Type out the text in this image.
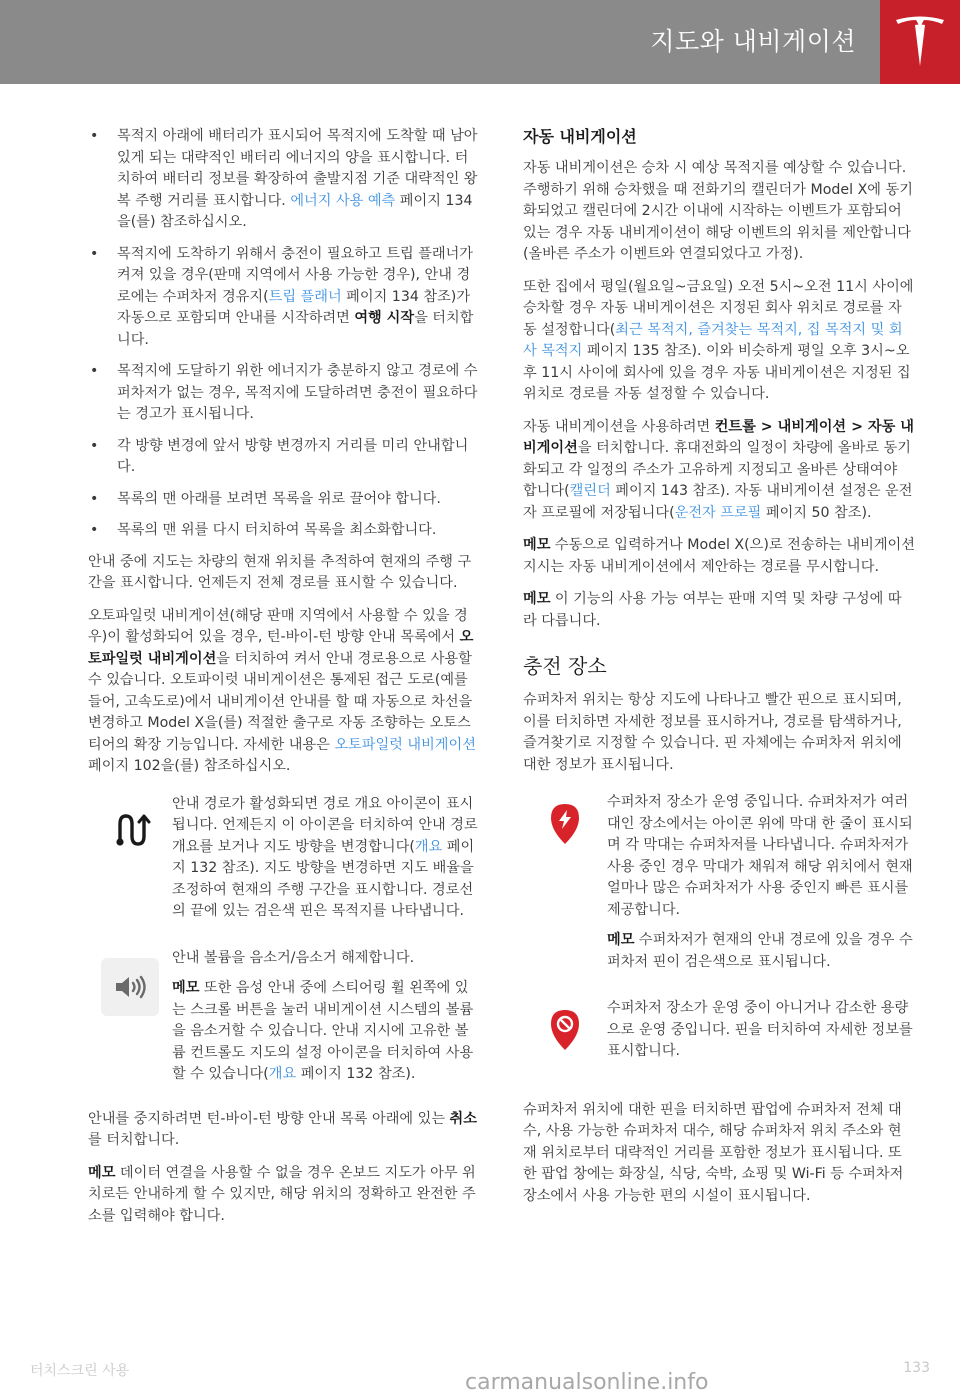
지도와 내비게이션
• 목적지 아래에 배터리가 표시되어 목적지에 도착할 때 남아 있게 되는 대략적인 배터리 에너지의 양을 표시합니다. 터치하여 배터리 정보를 확장하여 출발지점 기준 대략적인 왕복 주행 거리를 표시합니다. 에너지 사용 예측 페이지 134을(를) 참조하십시오.
• 목적지에 도착하기 위해서 충전이 필요하고 트립 플래너가 켜져 있을 경우(판매 지역에서 사용 가능한 경우), 안내 경로에는 수퍼차저 경유지(트립 플래너 페이지 134 참조)가 자동으로 포함되며 안내를 시작하려면 여행 시작을 터치합니다.
• 목적지에 도달하기 위한 에너지가 충분하지 않고 경로에 수퍼차저가 없는 경우, 목적지에 도달하려면 충전이 필요하다는 경고가 표시됩니다.
• 각 방향 변경에 앞서 방향 변경까지 거리를 미리 안내합니다.
• 목록의 맨 아래를 보려면 목록을 위로 끌어야 합니다.
• 목록의 맨 위를 다시 터치하여 목록을 최소화합니다.

안내 중에 지도는 차량의 현재 위치를 추적하여 현재의 주행 구간을 표시합니다. 언제든지 전체 경로를 표시할 수 있습니다.

오토파일럿 내비게이션(해당 판매 지역에서 사용할 수 있을 경우)이 활성화되어 있을 경우, 턴-바이-턴 방향 안내 목록에서 오토파일럿 내비게이션을 터치하여 켜서 안내 경로용으로 사용할 수 있습니다. 오토파이럿 내비게이션은 통제된 접근 도로(예를 들어, 고속도로)에서 내비게이션 안내를 할 때 자동으로 차선을 변경하고 Model X을(를) 적절한 출구로 자동 조향하는 오토스티어의 확장 기능입니다. 자세한 내용은 오토파일럿 내비게이션 페이지 102을(를) 참조하십시오.

안내 경로가 활성화되면 경로 개요 아이콘이 표시됩니다. 언제든지 이 아이콘을 터치하여 안내 경로 개요를 보거나 지도 방향을 변경합니다(개요 페이지 132 참조). 지도 방향을 변경하면 지도 배율을 조정하여 현재의 주행 구간을 표시합니다. 경로선의 끝에 있는 검은색 핀은 목적지를 나타냅니다.

안내 볼륨을 음소거/음소거 해제합니다.

메모 또한 음성 안내 중에 스티어링 휠 왼쪽에 있는 스크롤 버튼을 눌러 내비게이션 시스템의 볼륨을 음소거할 수 있습니다. 안내 지시에 고유한 볼륨 컨트롤도 지도의 설정 아이콘을 터치하여 사용할 수 있습니다(개요 페이지 132 참조).

안내를 중지하려면 턴-바이-턴 방향 안내 목록 아래에 있는 취소를 터치합니다.

메모 데이터 연결을 사용할 수 없을 경우 온보드 지도가 아무 위치로든 안내하게 할 수 있지만, 해당 위치의 정확하고 완전한 주소를 입력해야 합니다.

자동 내비게이션

자동 내비게이션은 승차 시 예상 목적지를 예상할 수 있습니다. 주행하기 위해 승차했을 때 전화기의 캘린더가 Model X에 동기화되었고 캘린더에 2시간 이내에 시작하는 이벤트가 포함되어 있는 경우 자동 내비게이션이 해당 이벤트의 위치를 제안합니다(올바른 주소가 이벤트와 연결되었다고 가정).

또한 집에서 평일(월요일~금요일) 오전 5시~오전 11시 사이에 승차할 경우 자동 내비게이션은 지정된 회사 위치로 경로를 자동 설정합니다(최근 목적지, 즐겨찾는 목적지, 집 목적지 및 회사 목적지 페이지 135 참조). 이와 비슷하게 평일 오후 3시~오후 11시 사이에 회사에 있을 경우 자동 내비게이션은 지정된 집 위치로 경로를 자동 설정할 수 있습니다.

자동 내비게이션을 사용하려면 컨트롤 > 내비게이션 > 자동 내비게이션을 터치합니다. 휴대전화의 일정이 차량에 올바로 동기화되고 각 일정의 주소가 고유하게 지정되고 올바른 상태여야 합니다(캘린더 페이지 143 참조). 자동 내비게이션 설정은 운전자 프로필에 저장됩니다(운전자 프로필 페이지 50 참조).

메모 수동으로 입력하거나 Model X(으)로 전송하는 내비게이션 지시는 자동 내비게이션에서 제안하는 경로를 무시합니다.

메모 이 기능의 사용 가능 여부는 판매 지역 및 차량 구성에 따라 다릅니다.

충전 장소

슈퍼차저 위치는 항상 지도에 나타나고 빨간 핀으로 표시되며, 이를 터치하면 자세한 정보를 표시하거나, 경로를 탐색하거나, 즐겨찾기로 지정할 수 있습니다. 핀 자체에는 슈퍼차저 위치에 대한 정보가 표시됩니다.

수퍼차저 장소가 운영 중입니다. 슈퍼차저가 여러 대인 장소에서는 아이콘 위에 막대 한 줄이 표시되며 각 막대는 슈퍼차저를 나타냅니다. 슈퍼차저가 사용 중인 경우 막대가 채워져 해당 위치에서 현재 얼마나 많은 슈퍼차저가 사용 중인지 빠른 표시를 제공합니다.

메모 수퍼차저가 현재의 안내 경로에 있을 경우 수퍼차저 핀이 검은색으로 표시됩니다.

수퍼차저 장소가 운영 중이 아니거나 감소한 용량으로 운영 중입니다. 핀을 터치하여 자세한 정보를 표시합니다.

슈퍼차저 위치에 대한 핀을 터치하면 팝업에 슈퍼차저 전체 대수, 사용 가능한 슈퍼차저 대수, 해당 슈퍼차저 위치 주소와 현재 위치로부터 대략적인 거리를 포함한 정보가 표시됩니다. 또한 팝업 창에는 화장실, 식당, 숙박, 쇼핑 및 Wi-Fi 등 수퍼차저 장소에서 사용 가능한 편의 시설이 표시됩니다.

터치스크린 사용	133
carmanualsonline.info
